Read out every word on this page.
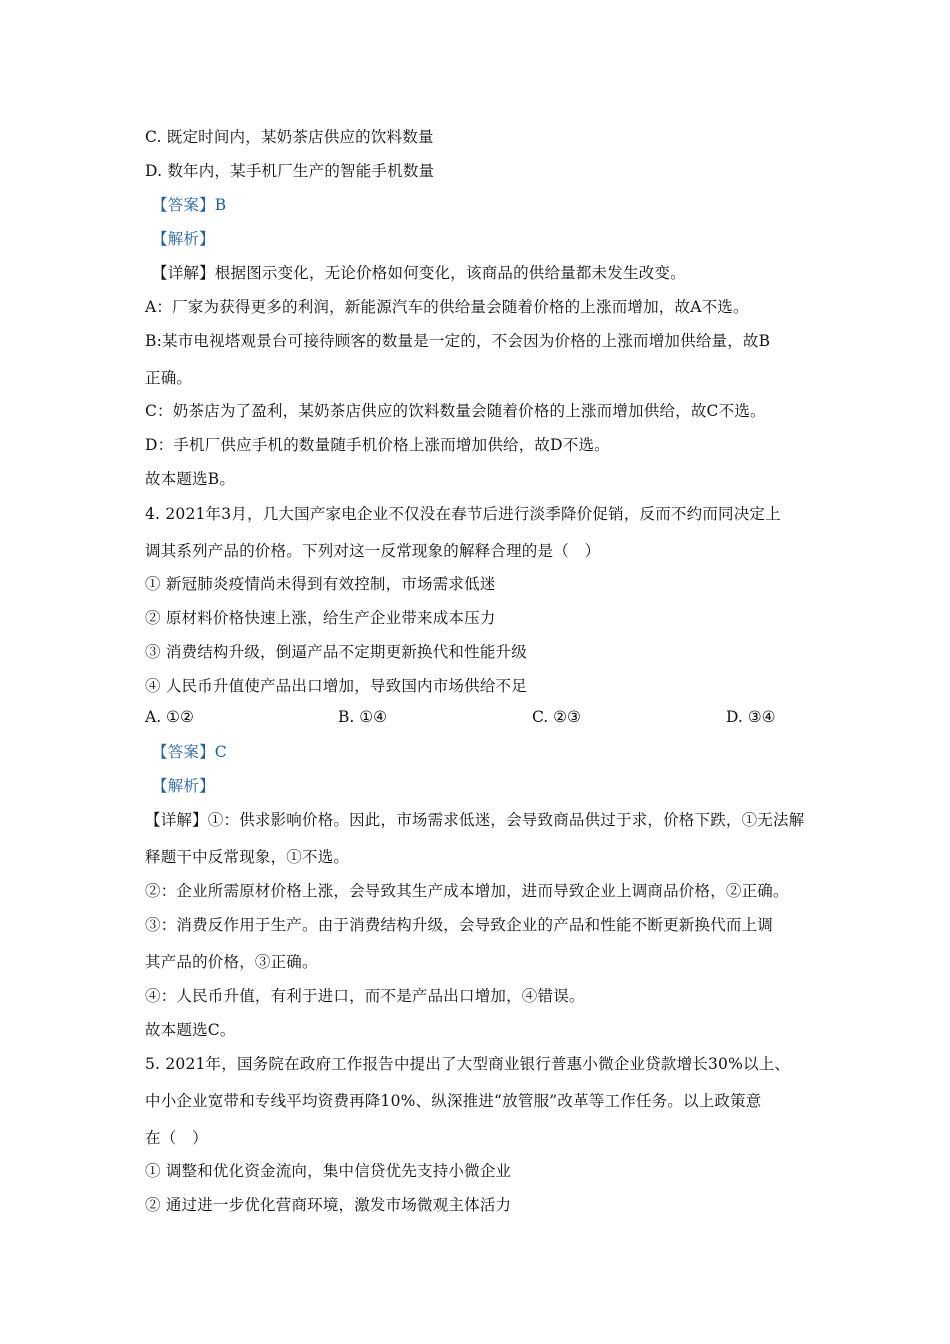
C. 既定时间内，某奶茶店供应的饮料数量
D. 数年内，某手机厂生产的智能手机数量
【答案】B
【解析】
【详解】根据图示变化，无论价格如何变化，该商品的供给量都未发生改变。
A：厂家为获得更多的利润，新能源汽车的供给量会随着价格的上涨而增加，故A不选。
B:某市电视塔观景台可接待顾客的数量是一定的，不会因为价格的上涨而增加供给量，故B
正确。
C：奶茶店为了盈利，某奶茶店供应的饮料数量会随着价格的上涨而增加供给，故C不选。
D：手机厂供应手机的数量随手机价格上涨而增加供给，故D不选。
故本题选B。
4. 2021年3月，几大国产家电企业不仅没在春节后进行淡季降价促销，反而不约而同决定上
调其系列产品的价格。下列对这一反常现象的解释合理的是（　）
① 新冠肺炎疫情尚未得到有效控制，市场需求低迷
② 原材料价格快速上涨，给生产企业带来成本压力
③ 消费结构升级，倒逼产品不定期更新换代和性能升级
④ 人民币升值使产品出口增加，导致国内市场供给不足
【答案】C
【解析】
【详解】①：供求影响价格。因此，市场需求低迷，会导致商品供过于求，价格下跌，①无法解
释题干中反常现象，①不选。
②：企业所需原材价格上涨，会导致其生产成本增加，进而导致企业上调商品价格，②正确。
③：消费反作用于生产。由于消费结构升级，会导致企业的产品和性能不断更新换代而上调
其产品的价格，③正确。
④：人民币升值，有利于进口，而不是产品出口增加，④错误。
故本题选C。
5. 2021年，国务院在政府工作报告中提出了大型商业银行普惠小微企业贷款增长30%以上、
中小企业宽带和专线平均资费再降10%、纵深推进“放管服”改革等工作任务。以上政策意
在（　）
① 调整和优化资金流向，集中信贷优先支持小微企业
② 通过进一步优化营商环境，激发市场微观主体活力
A. ①②	B. ①④	C. ②③	D. ③④
